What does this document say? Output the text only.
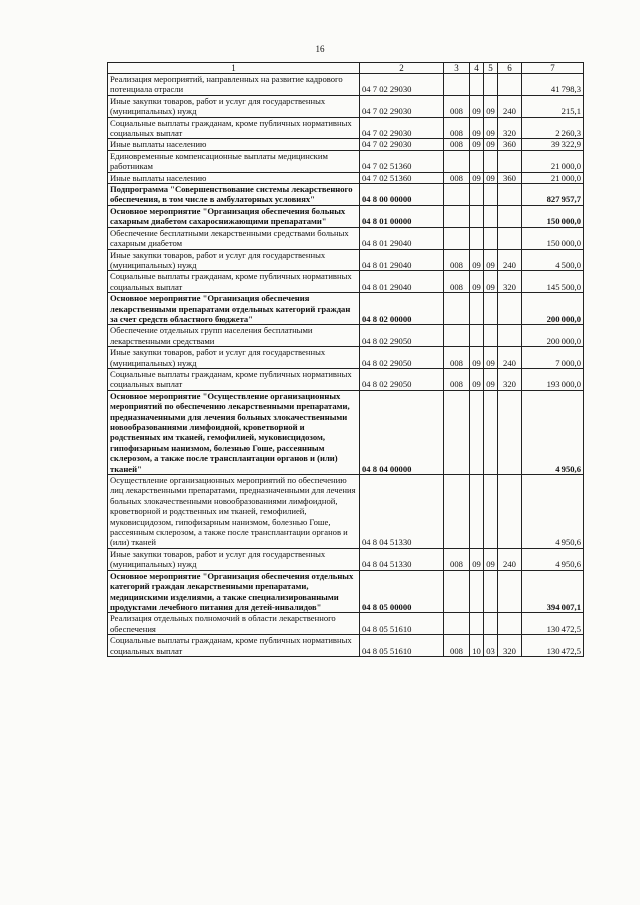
16
1	2	3	4	5	6	7
Реализация мероприятий, направленных на развитие кадрового потенциала отрасли	04 7 02 29030					41 798,3
Иные закупки товаров, работ и услуг для государственных (муниципальных) нужд	04 7 02 29030	008	09	09	240	215,1
Социальные выплаты гражданам, кроме публичных нормативных социальных выплат	04 7 02 29030	008	09	09	320	2 260,3
Иные выплаты населению	04 7 02 29030	008	09	09	360	39 322,9
Единовременные компенсационные выплаты медицинским работникам	04 7 02 51360					21 000,0
Иные выплаты населению	04 7 02 51360	008	09	09	360	21 000,0
Подпрограмма "Совершенствование системы лекарственного обеспечения, в том числе в амбулаторных условиях"	04 8 00 00000					827 957,7
Основное мероприятие "Организация обеспечения больных сахарным диабетом сахароснижающими препаратами"	04 8 01 00000					150 000,0
Обеспечение бесплатными лекарственными средствами больных сахарным диабетом	04 8 01 29040					150 000,0
Иные закупки товаров, работ и услуг для государственных (муниципальных) нужд	04 8 01 29040	008	09	09	240	4 500,0
Социальные выплаты гражданам, кроме публичных нормативных социальных выплат	04 8 01 29040	008	09	09	320	145 500,0
Основное мероприятие "Организация обеспечения лекарственными препаратами отдельных категорий граждан за счет средств областного бюджета"	04 8 02 00000					200 000,0
Обеспечение отдельных групп населения бесплатными лекарственными средствами	04 8 02 29050					200 000,0
Иные закупки товаров, работ и услуг для государственных (муниципальных) нужд	04 8 02 29050	008	09	09	240	7 000,0
Социальные выплаты гражданам, кроме публичных нормативных социальных выплат	04 8 02 29050	008	09	09	320	193 000,0
Основное мероприятие "Осуществление организационных мероприятий по обеспечению лекарственными препаратами, предназначенными для лечения больных злокачественными новообразованиями лимфоидной, кроветворной и родственных им тканей, гемофилией, муковисцидозом, гипофизарным нанизмом, болезнью Гоше, рассеянным склерозом, а также после трансплантации органов и (или) тканей"	04 8 04 00000					4 950,6
Осуществление организационных мероприятий по обеспечению лиц лекарственными препаратами, предназначенными для лечения больных злокачественными новообразованиями лимфоидной, кроветворной и родственных им тканей, гемофилией, муковисцидозом, гипофизарным нанизмом, болезнью Гоше, рассеянным склерозом, а также после трансплантации органов и (или) тканей	04 8 04 51330					4 950,6
Иные закупки товаров, работ и услуг для государственных (муниципальных) нужд	04 8 04 51330	008	09	09	240	4 950,6
Основное мероприятие "Организация обеспечения отдельных категорий граждан лекарственными препаратами, медицинскими изделиями, а также специализированными продуктами лечебного питания для детей-инвалидов"	04 8 05 00000					394 007,1
Реализация отдельных полномочий в области лекарственного обеспечения	04 8 05 51610					130 472,5
Социальные выплаты гражданам, кроме публичных нормативных социальных выплат	04 8 05 51610	008	10	03	320	130 472,5
